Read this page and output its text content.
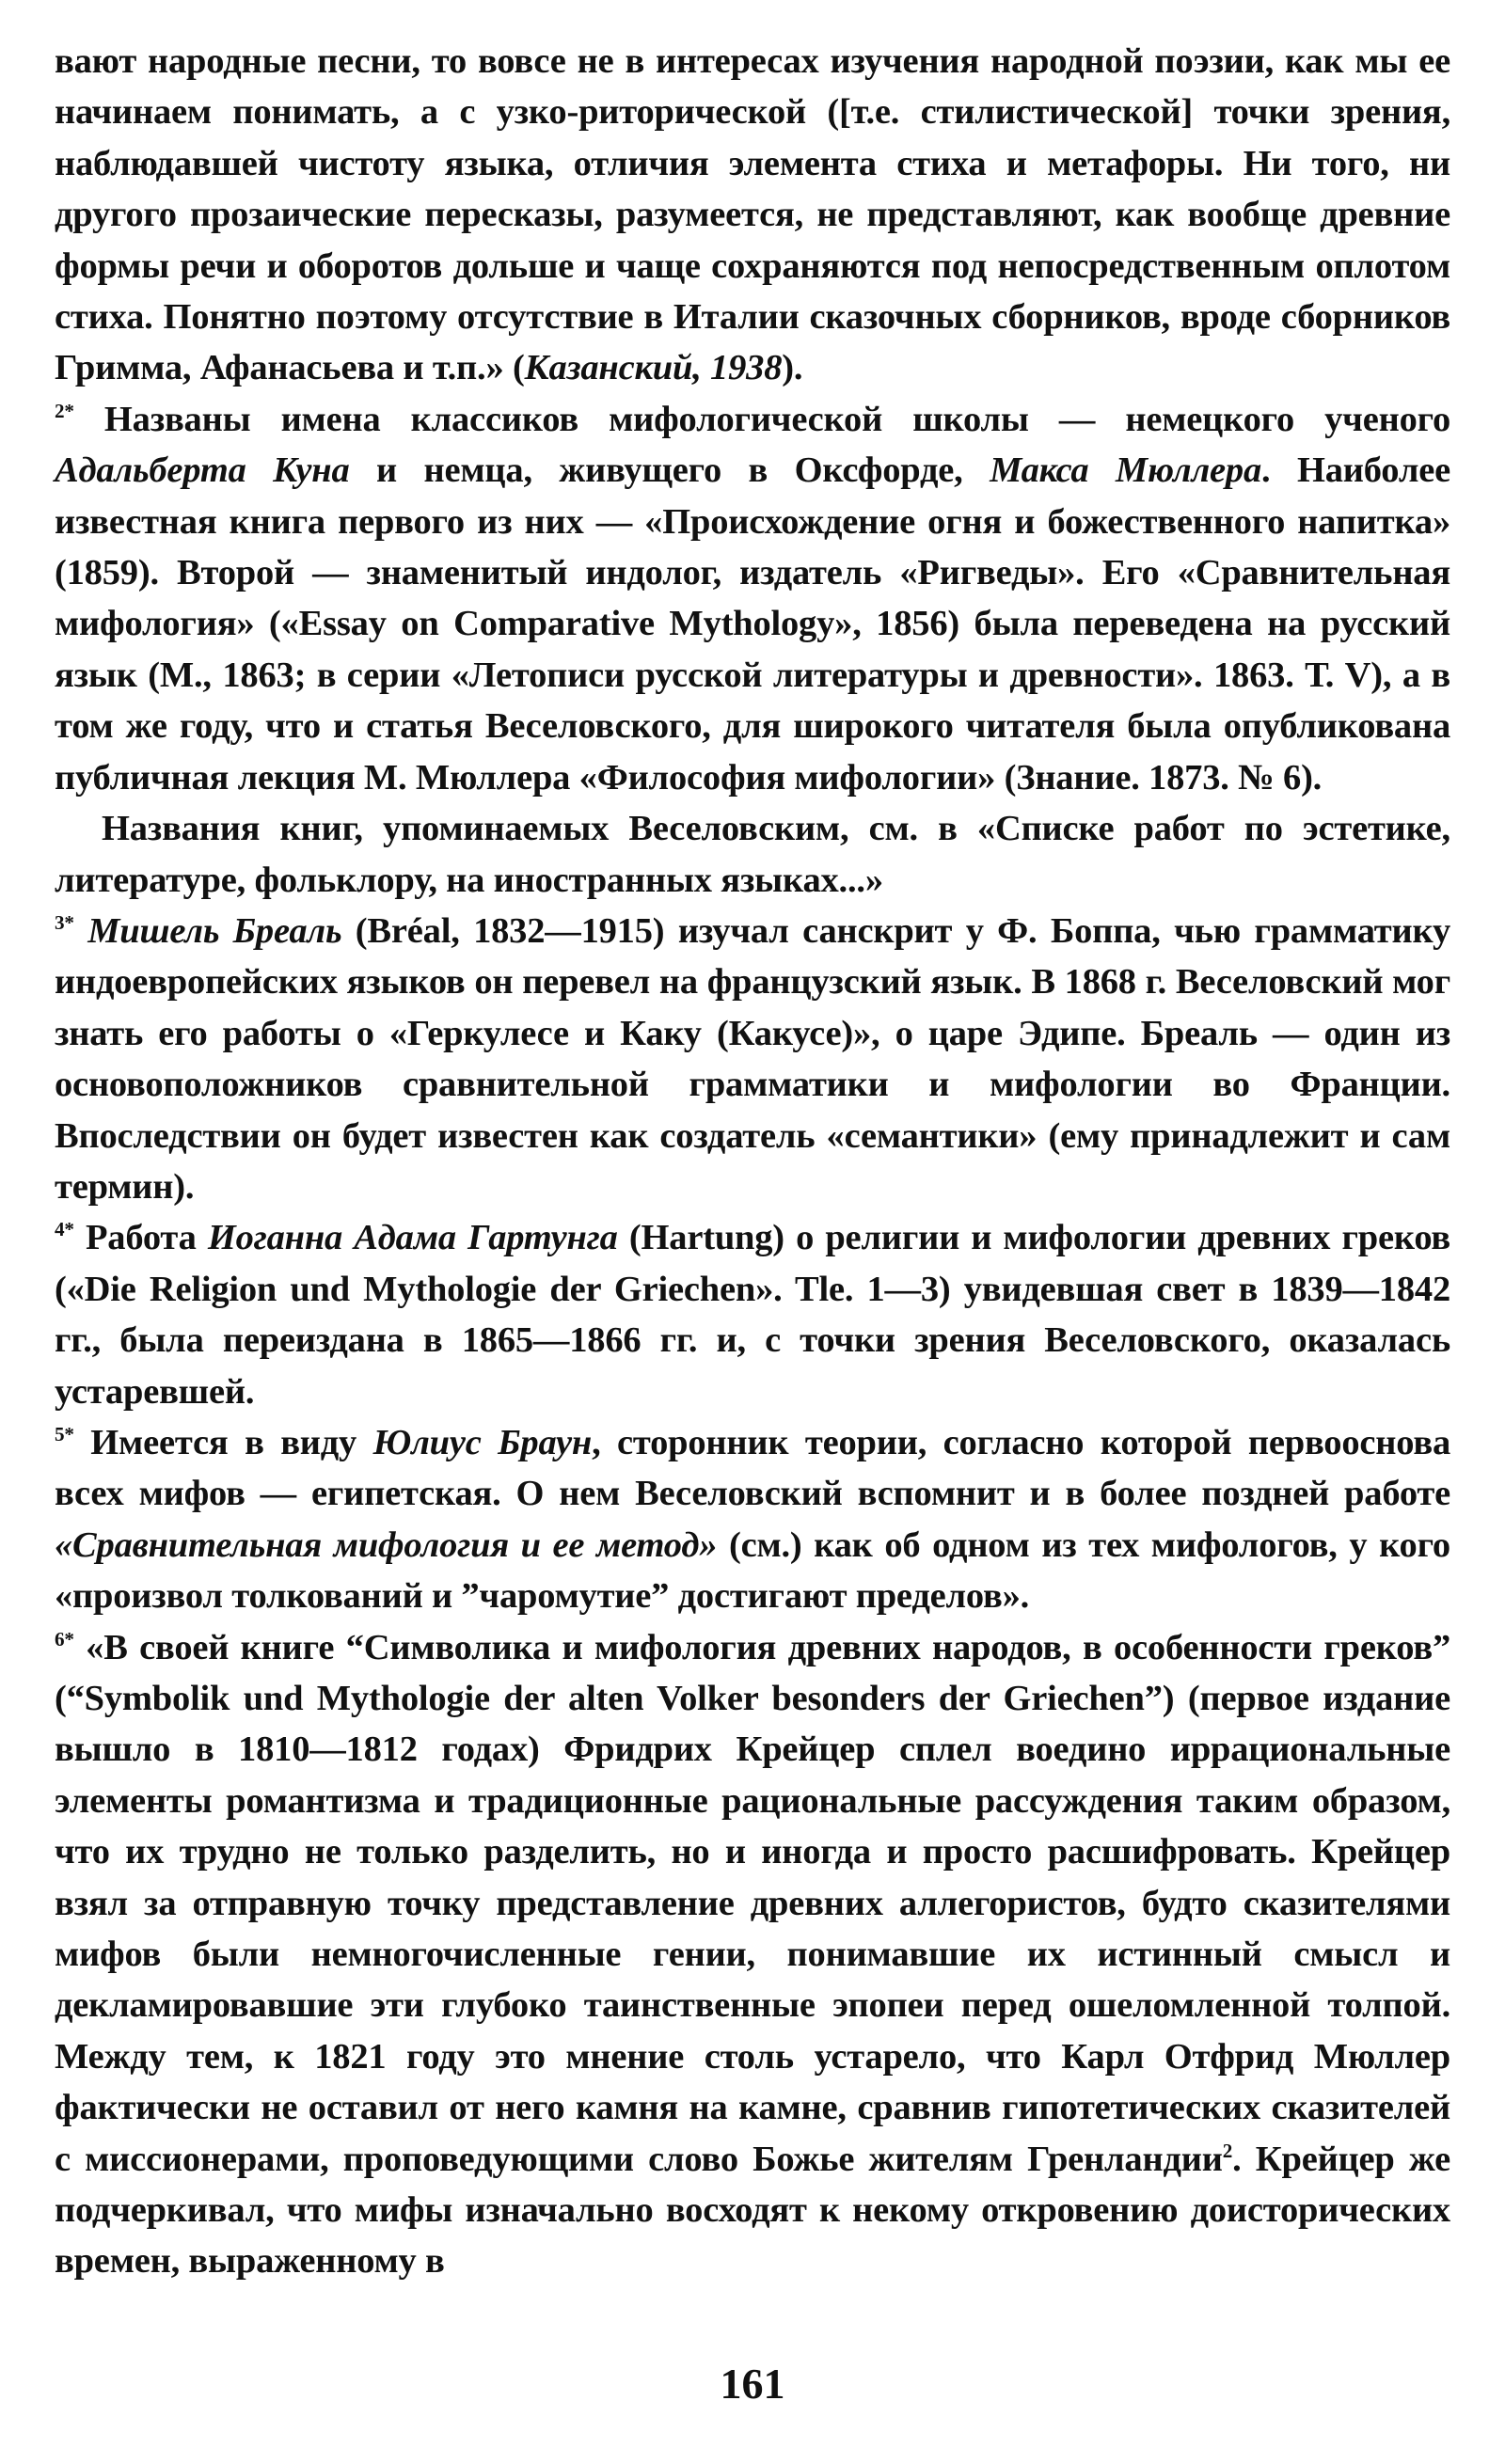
вают народные песни, то вовсе не в интересах изучения народной поэзии, как мы ее начинаем понимать, а с узко-риторической ([т.е. стилистической] точки зрения, наблюдавшей чистоту языка, отличия элемента стиха и метафоры. Ни того, ни другого прозаические пересказы, разумеется, не представляют, как вообще древние формы речи и оборотов дольше и чаще сохраняются под непосредственным оплотом стиха. Понятно поэтому отсутствие в Италии сказочных сборников, вроде сборников Гримма, Афанасьева и т.п.» (Казанский, 1938).

$^{2*}$ Названы имена классиков мифологической школы — немецкого ученого Адальберта Куна и немца, живущего в Оксфорде, Макса Мюллера. Наиболее известная книга первого из них — «Происхождение огня и божественного напитка» (1859). Второй — знаменитый индолог, издатель «Ригведы». Его «Сравнительная мифология» («Essay on Comparative Mythology», 1856) была переведена на русский язык (М., 1863; в серии «Летописи русской литературы и древности». 1863. Т. V), а в том же году, что и статья Веселовского, для широкого читателя была опубликована публичная лекция М. Мюллера «Философия мифологии» (Знание. 1873. № 6).

Названия книг, упоминаемых Веселовским, см. в «Списке работ по эстетике, литературе, фольклору, на иностранных языках...»

$^{3*}$ Мишель Бреаль (Bréal, 1832—1915) изучал санскрит у Ф. Боппа, чью грамматику индоевропейских языков он перевел на французский язык. В 1868 г. Веселовский мог знать его работы о «Геркулесе и Каку (Какусе)», о царе Эдипе. Бреаль — один из основоположников сравнительной грамматики и мифологии во Франции. Впоследствии он будет известен как создатель «семантики» (ему принадлежит и сам термин).

$^{4*}$ Работа Иоганна Адама Гартунга (Hartung) о религии и мифологии древних греков («Die Religion und Mythologie der Griechen». Tle. 1—3) увидевшая свет в 1839—1842 гг., была переиздана в 1865—1866 гг. и, с точки зрения Веселовского, оказалась устаревшей.

$^{5*}$ Имеется в виду Юлиус Браун, сторонник теории, согласно которой первооснова всех мифов — египетская. О нем Веселовский вспомнит и в более поздней работе «Сравнительная мифология и ее метод» (см.) как об одном из тех мифологов, у кого «произвол толкований и ”чаромутие” достигают пределов».

$^{6*}$ «В своей книге “Символика и мифология древних народов, в особенности греков” (“Symbolik und Mythologie der alten Volker besonders der Griechen”) (первое издание вышло в 1810—1812 годах) Фридрих Крейцер сплел воедино иррациональные элементы романтизма и традиционные рациональные рассуждения таким образом, что их трудно не только разделить, но и иногда и просто расшифровать. Крейцер взял за отправную точку представление древних аллегористов, будто сказителями мифов были немногочисленные гении, понимавшие их истинный смысл и декламировавшие эти глубоко таинственные эпопеи перед ошеломленной толпой. Между тем, к 1821 году это мнение столь устарело, что Карл Отфрид Мюллер фактически не оставил от него камня на камне, сравнив гипотетических сказителей с миссионерами, проповедующими слово Божье жителям Гренландии$^2$. Крейцер же подчеркивал, что мифы изначально восходят к некому откровению доисторических времен, выраженному в

161
